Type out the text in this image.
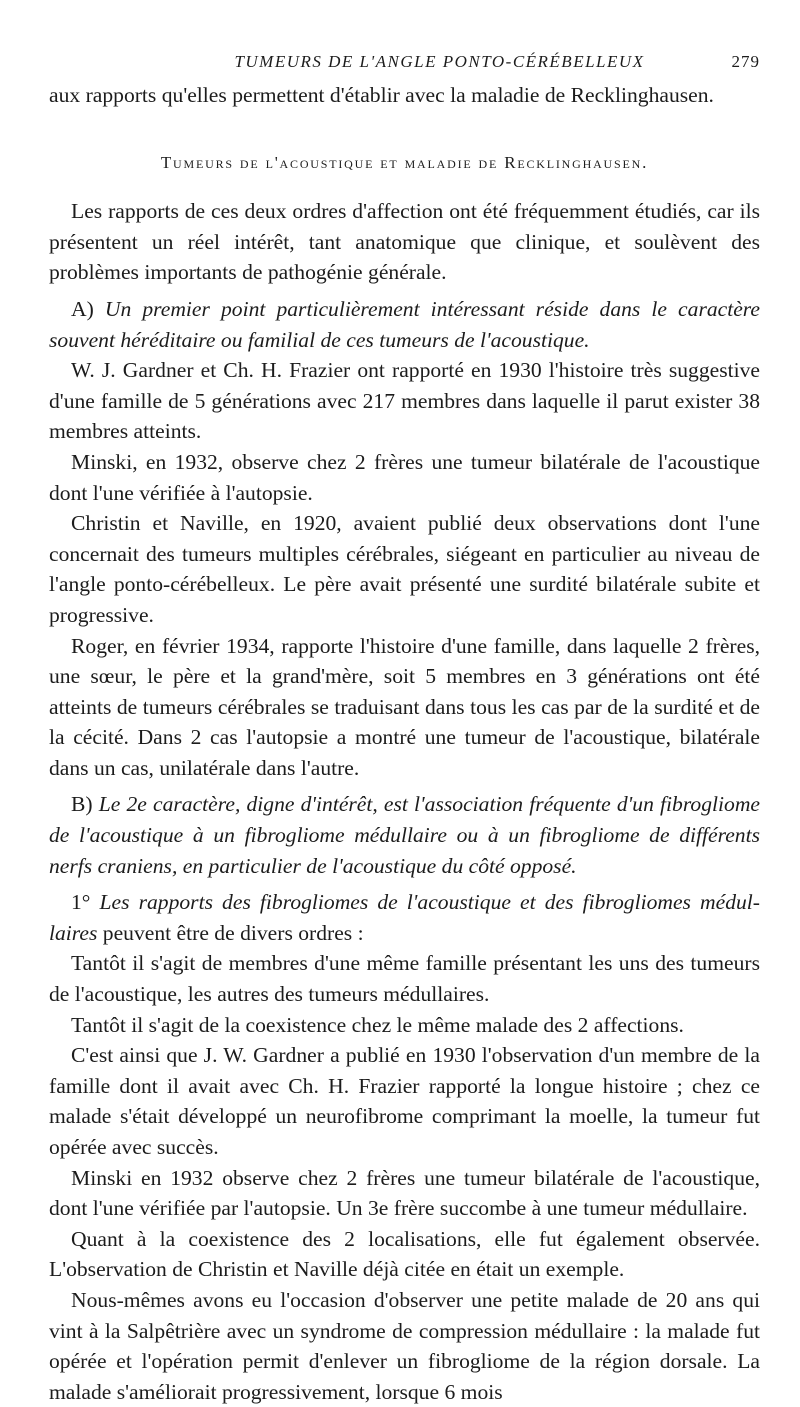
TUMEURS DE L'ANGLE PONTO-CÉRÉBELLEUX	279

aux rapports qu'elles permettent d'établir avec la maladie de Recklinghausen.

Tumeurs de l'acoustique et maladie de Recklinghausen.

Les rapports de ces deux ordres d'affection ont été fréquemment étudiés, car ils présentent un réel intérêt, tant anatomique que clinique, et soulèvent des problèmes importants de pathogénie générale.

A) Un premier point particulièrement intéressant réside dans le caractère souvent héréditaire ou familial de ces tumeurs de l'acoustique.

W. J. Gardner et Ch. H. Frazier ont rapporté en 1930 l'histoire très suggestive d'une famille de 5 générations avec 217 membres dans laquelle il parut exister 38 membres atteints.

Minski, en 1932, observe chez 2 frères une tumeur bilatérale de l'acoustique dont l'une vérifiée à l'autopsie.

Christin et Naville, en 1920, avaient publié deux observations dont l'une concernait des tumeurs multiples cérébrales, siégeant en particulier au niveau de l'angle ponto-cérébelleux. Le père avait présenté une surdité bilatérale subite et progressive.

Roger, en février 1934, rapporte l'histoire d'une famille, dans laquelle 2 frères, une sœur, le père et la grand'mère, soit 5 membres en 3 générations ont été atteints de tumeurs cérébrales se traduisant dans tous les cas par de la surdité et de la cécité. Dans 2 cas l'autopsie a montré une tumeur de l'acoustique, bilatérale dans un cas, unilatérale dans l'autre.

B) Le 2e caractère, digne d'intérêt, est l'association fréquente d'un fibrogliome de l'acoustique à un fibrogliome médullaire ou à un fibrogliome de différents nerfs craniens, en particulier de l'acoustique du côté opposé.

1° Les rapports des fibrogliomes de l'acoustique et des fibrogliomes médullaires peuvent être de divers ordres :

Tantôt il s'agit de membres d'une même famille présentant les uns des tumeurs de l'acoustique, les autres des tumeurs médullaires.

Tantôt il s'agit de la coexistence chez le même malade des 2 affections.

C'est ainsi que J. W. Gardner a publié en 1930 l'observation d'un membre de la famille dont il avait avec Ch. H. Frazier rapporté la longue histoire ; chez ce malade s'était développé un neurofibrome comprimant la moelle, la tumeur fut opérée avec succès.

Minski en 1932 observe chez 2 frères une tumeur bilatérale de l'acoustique, dont l'une vérifiée par l'autopsie. Un 3e frère succombe à une tumeur médullaire.

Quant à la coexistence des 2 localisations, elle fut également observée. L'observation de Christin et Naville déjà citée en était un exemple.

Nous-mêmes avons eu l'occasion d'observer une petite malade de 20 ans qui vint à la Salpêtrière avec un syndrome de compression médullaire : la malade fut opérée et l'opération permit d'enlever un fibrogliome de la région dorsale. La malade s'améliorait progressivement, lorsque 6 mois
